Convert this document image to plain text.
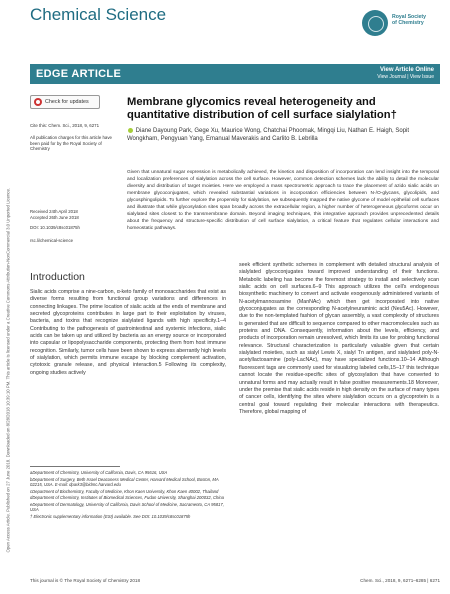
Open Access Article. Published on 27 June 2018. Downloaded on 8/28/2018 10:39:10 PM. This article is licensed under a Creative Commons Attribution-NonCommercial 3.0 Unported Licence.
Chemical Science	Royal Society
of Chemistry
EDGE ARTICLE	View Article Online
View Journal | View Issue
Check for updates	Membrane glycomics reveal heterogeneity and quantitative distribution of cell surface sialylation†
Diane Dayoung Park, Gege Xu, Maurice Wong, Chatchai Phoomak, Mingqi Liu, Nathan E. Haigh, Sopit Wongkham, Pengyuan Yang, Emanual Maverakis and Carlito B. Lebrilla
Cite this: Chem. Sci., 2018, 9, 6271
All publication charges for this article have been paid for by the Royal Society of Chemistry
Received 24th April 2018
Accepted 26th June 2018
DOI: 10.1039/c8sc01875h
rsc.li/chemical-science
Given that unnatural sugar expression is metabolically achieved, the kinetics and disposition of incorporation can lend insight into the temporal and localization preferences of sialylation across the cell surface. However, common detection schemes lack the ability to detail the molecular diversity and distribution of target moieties. Here we employed a mass spectrometric approach to trace the placement of azido sialic acids on membrane glycoconjugates, which revealed substantial variations in incorporation efficiencies between N-/O-glycans, glycolipids, and glycosphingolipids. To further explore the propensity for sialylation, we subsequently mapped the native glycome of model epithelial cell surfaces and illustrate that while glycosylation sites span broadly across the extracellular region, a higher number of heterogeneous glycoforms occur on sialylated sites closest to the transmembrane domain. Beyond imaging techniques, this integrative approach provides unprecedented details about the frequency and structure-specific distribution of cell surface sialylation, a critical feature that regulates cellular interactions and homeostatic pathways.
Introduction
Sialic acids comprise a nine-carbon, α-keto family of monosaccharides that exist as diverse forms resulting from functional group variations and differences in connecting linkages. The prime location of sialic acids at the ends of membrane and secreted glycoproteins contributes in large part to their exploitation by viruses, bacteria, and toxins that recognize sialylated ligands with high specificity.1–4 Contributing to the pathogenesis of gastrointestinal and systemic infections, sialic acids can be taken up and utilized by bacteria as an energy source or incorporated into capsular or lipopolysaccharide components, protecting them from host immune recognition. Similarly, tumor cells have been shown to express aberrantly high levels of sialylation, which permits immune escape by blocking complement activation, cytotoxic granule release, and physical interaction.5 Following its complexity, ongoing studies actively
seek efficient synthetic schemes in complement with detailed structural analysis of sialylated glycoconjugates toward improved understanding of their functions. Metabolic labeling has become the foremost strategy to install and selectively scan sialic acids on cell surfaces.6–9 This approach utilizes the cell's endogenous biosynthetic machinery to convert and activate exogenously administered variants of N-acetylmannosamine (ManNAc) which then get incorporated into native glycoconjugates as the corresponding N-acetylneuraminic acid (Neu5Ac). However, due to the non-templated fashion of glycan assembly, a vast complexity of structures is generated that are difficult to sequence compared to other macromolecules such as proteins and DNA. Consequently, information about the levels, efficiency, and products of incorporation remain unresolved, which limits its use for probing functional relevance. Structural characterization is particularly valuable given that certain sialylated moieties, such as sialyl Lewis X, sialyl Tn antigen, and sialylated poly-N-acetyllactosamine (poly-LacNAc), may have specialized functions.10–14 Although fluorescent tags are commonly used for visualizing labeled cells,15–17 this technique cannot locate the residue-specific sites of glycosylation that have converted to unnatural forms and may actually result in false positive measurements.18 Moreover, under the premise that sialic acids reside in high density on the surface of many types of cancer cells, identifying the sites where sialylation occurs on a glycoprotein is a central goal toward regulating their molecular interactions with therapeutics. Therefore, global mapping of

aDepartment of Chemistry, University of California, Davis, CA 95616, USA

bDepartment of Surgery, Beth Israel Deaconess Medical Center, Harvard Medical School, Boston, MA 02215, USA. E-mail: dpark3@bidmc.harvard.edu

cDepartment of Biochemistry, Faculty of Medicine, Khon Kaen University, Khon Kaen 40002, Thailand

dDepartment of Chemistry, Institutes of Biomedical Sciences, Fudan University, Shanghai 200032, China

eDepartment of Dermatology, University of California, Davis School of Medicine, Sacramento, CA 95817, USA

† Electronic supplementary information (ESI) available. See DOI: 10.1039/c8sc01875h

This journal is © The Royal Society of Chemistry 2018	Chem. Sci., 2018, 9, 6271–6285 | 6271
